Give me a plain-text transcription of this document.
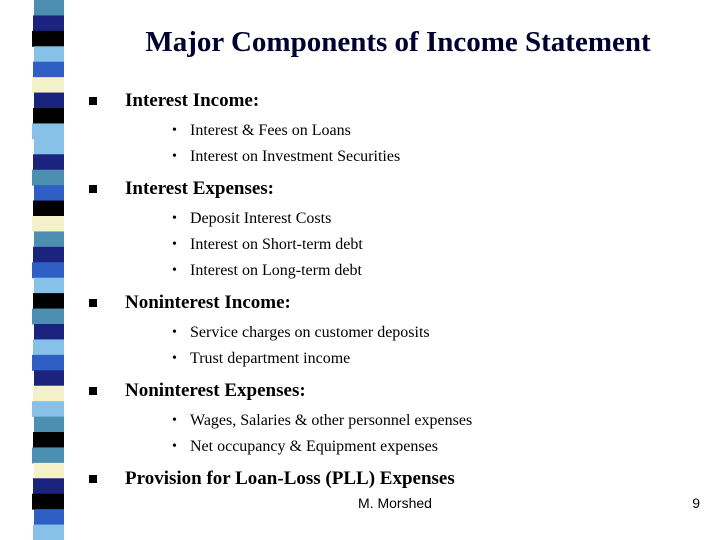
Major Components of Income Statement
Interest Income:
• Interest & Fees on Loans
• Interest on Investment Securities
Interest Expenses:
• Deposit Interest Costs
• Interest on Short-term debt
• Interest on Long-term debt
Noninterest Income:
• Service charges on customer deposits
• Trust department income
Noninterest Expenses:
• Wages, Salaries & other personnel expenses
• Net occupancy & Equipment expenses
Provision for Loan-Loss (PLL) Expenses
M. Morshed	9
